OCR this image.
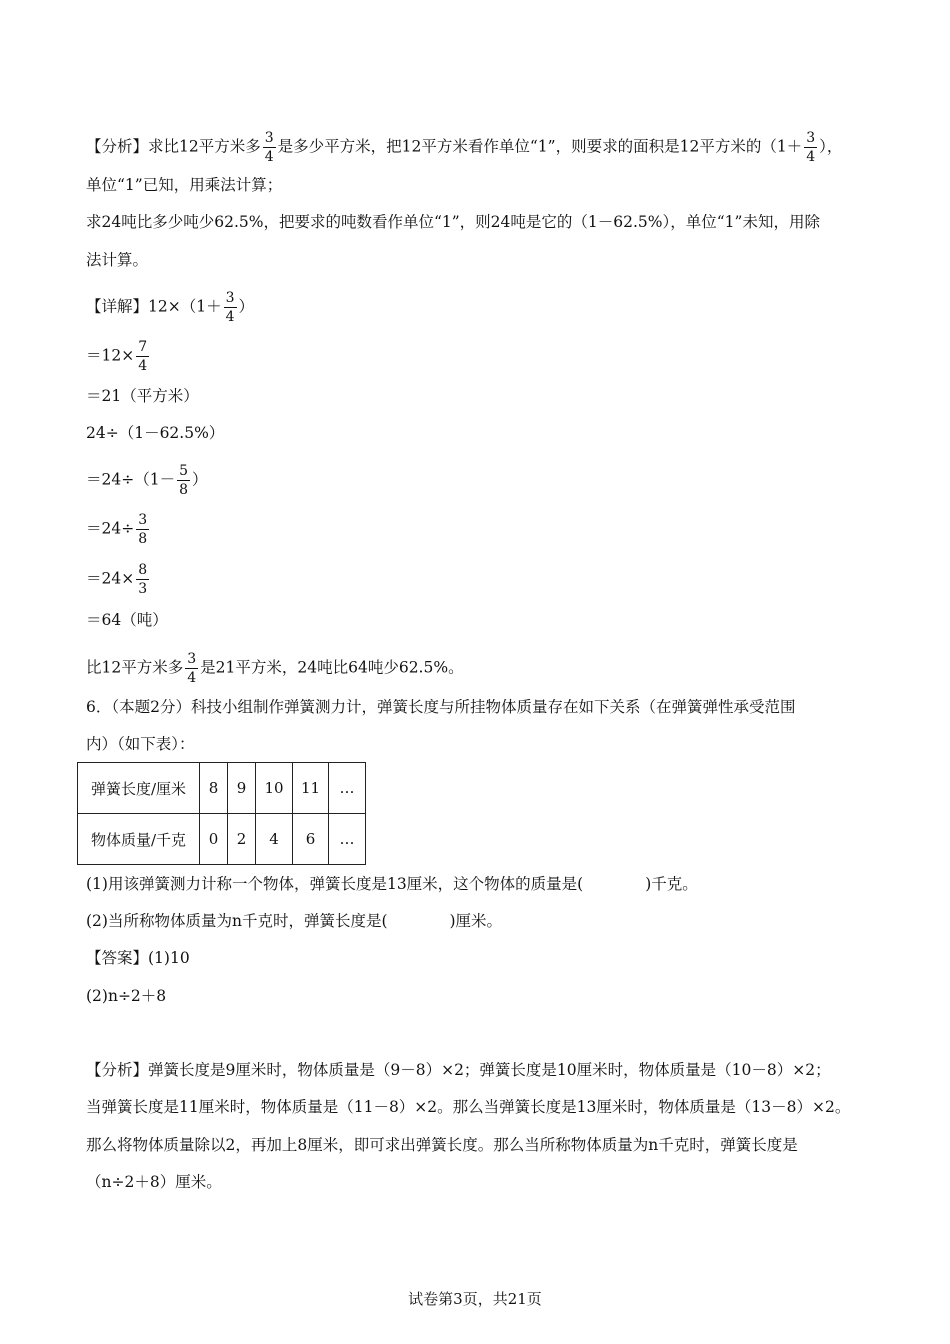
【分析】求比12平方米多 $\frac{3}{4}$ 是多少平方米，把12平方米看作单位“1”，则要求的面积是12平方米的（$1+ \frac{3}{4}$ ），
单位“1”已知，用乘法计算；
求24吨比多少吨少62.5%，把要求的吨数看作单位“1”，则24吨是它的（1－62.5%），单位“1”未知，用除
法计算。
【详解】$12\times(1+ \frac{3}{4}$ ）
$=12\times \frac{7}{4}$
＝21（平方米）
24÷（1－62.5%）
$=24\div(1- \frac{5}{8}$ ）
$=24\div \frac{3}{8}$
$=24\times \frac{8}{3}$
＝64（吨）
比12平方米多 $\frac{3}{4}$ 是21平方米，24吨比64吨少62.5%。
6．（本题2分）科技小组制作弹簧测力计，弹簧长度与所挂物体质量存在如下关系（在弹簧弹性承受范围
内）（如下表）：
弹簧长度/厘米	8	9	10	11	…
物体质量/千克	0	2	4	6	…
(1)用该弹簧测力计称一个物体，弹簧长度是13厘米，这个物体的质量是(　　　　)千克。
(2)当所称物体质量为n千克时，弹簧长度是(　　　　)厘米。
【答案】(1)10
(2)n÷2＋8
【分析】弹簧长度是9厘米时，物体质量是（9－8）×2；弹簧长度是10厘米时，物体质量是（10－8）×2；
当弹簧长度是11厘米时，物体质量是（11－8）×2。那么当弹簧长度是13厘米时，物体质量是（13－8）×2。
那么将物体质量除以2，再加上8厘米，即可求出弹簧长度。那么当所称物体质量为n千克时，弹簧长度是
（n÷2＋8）厘米。
试卷第3页，共21页
